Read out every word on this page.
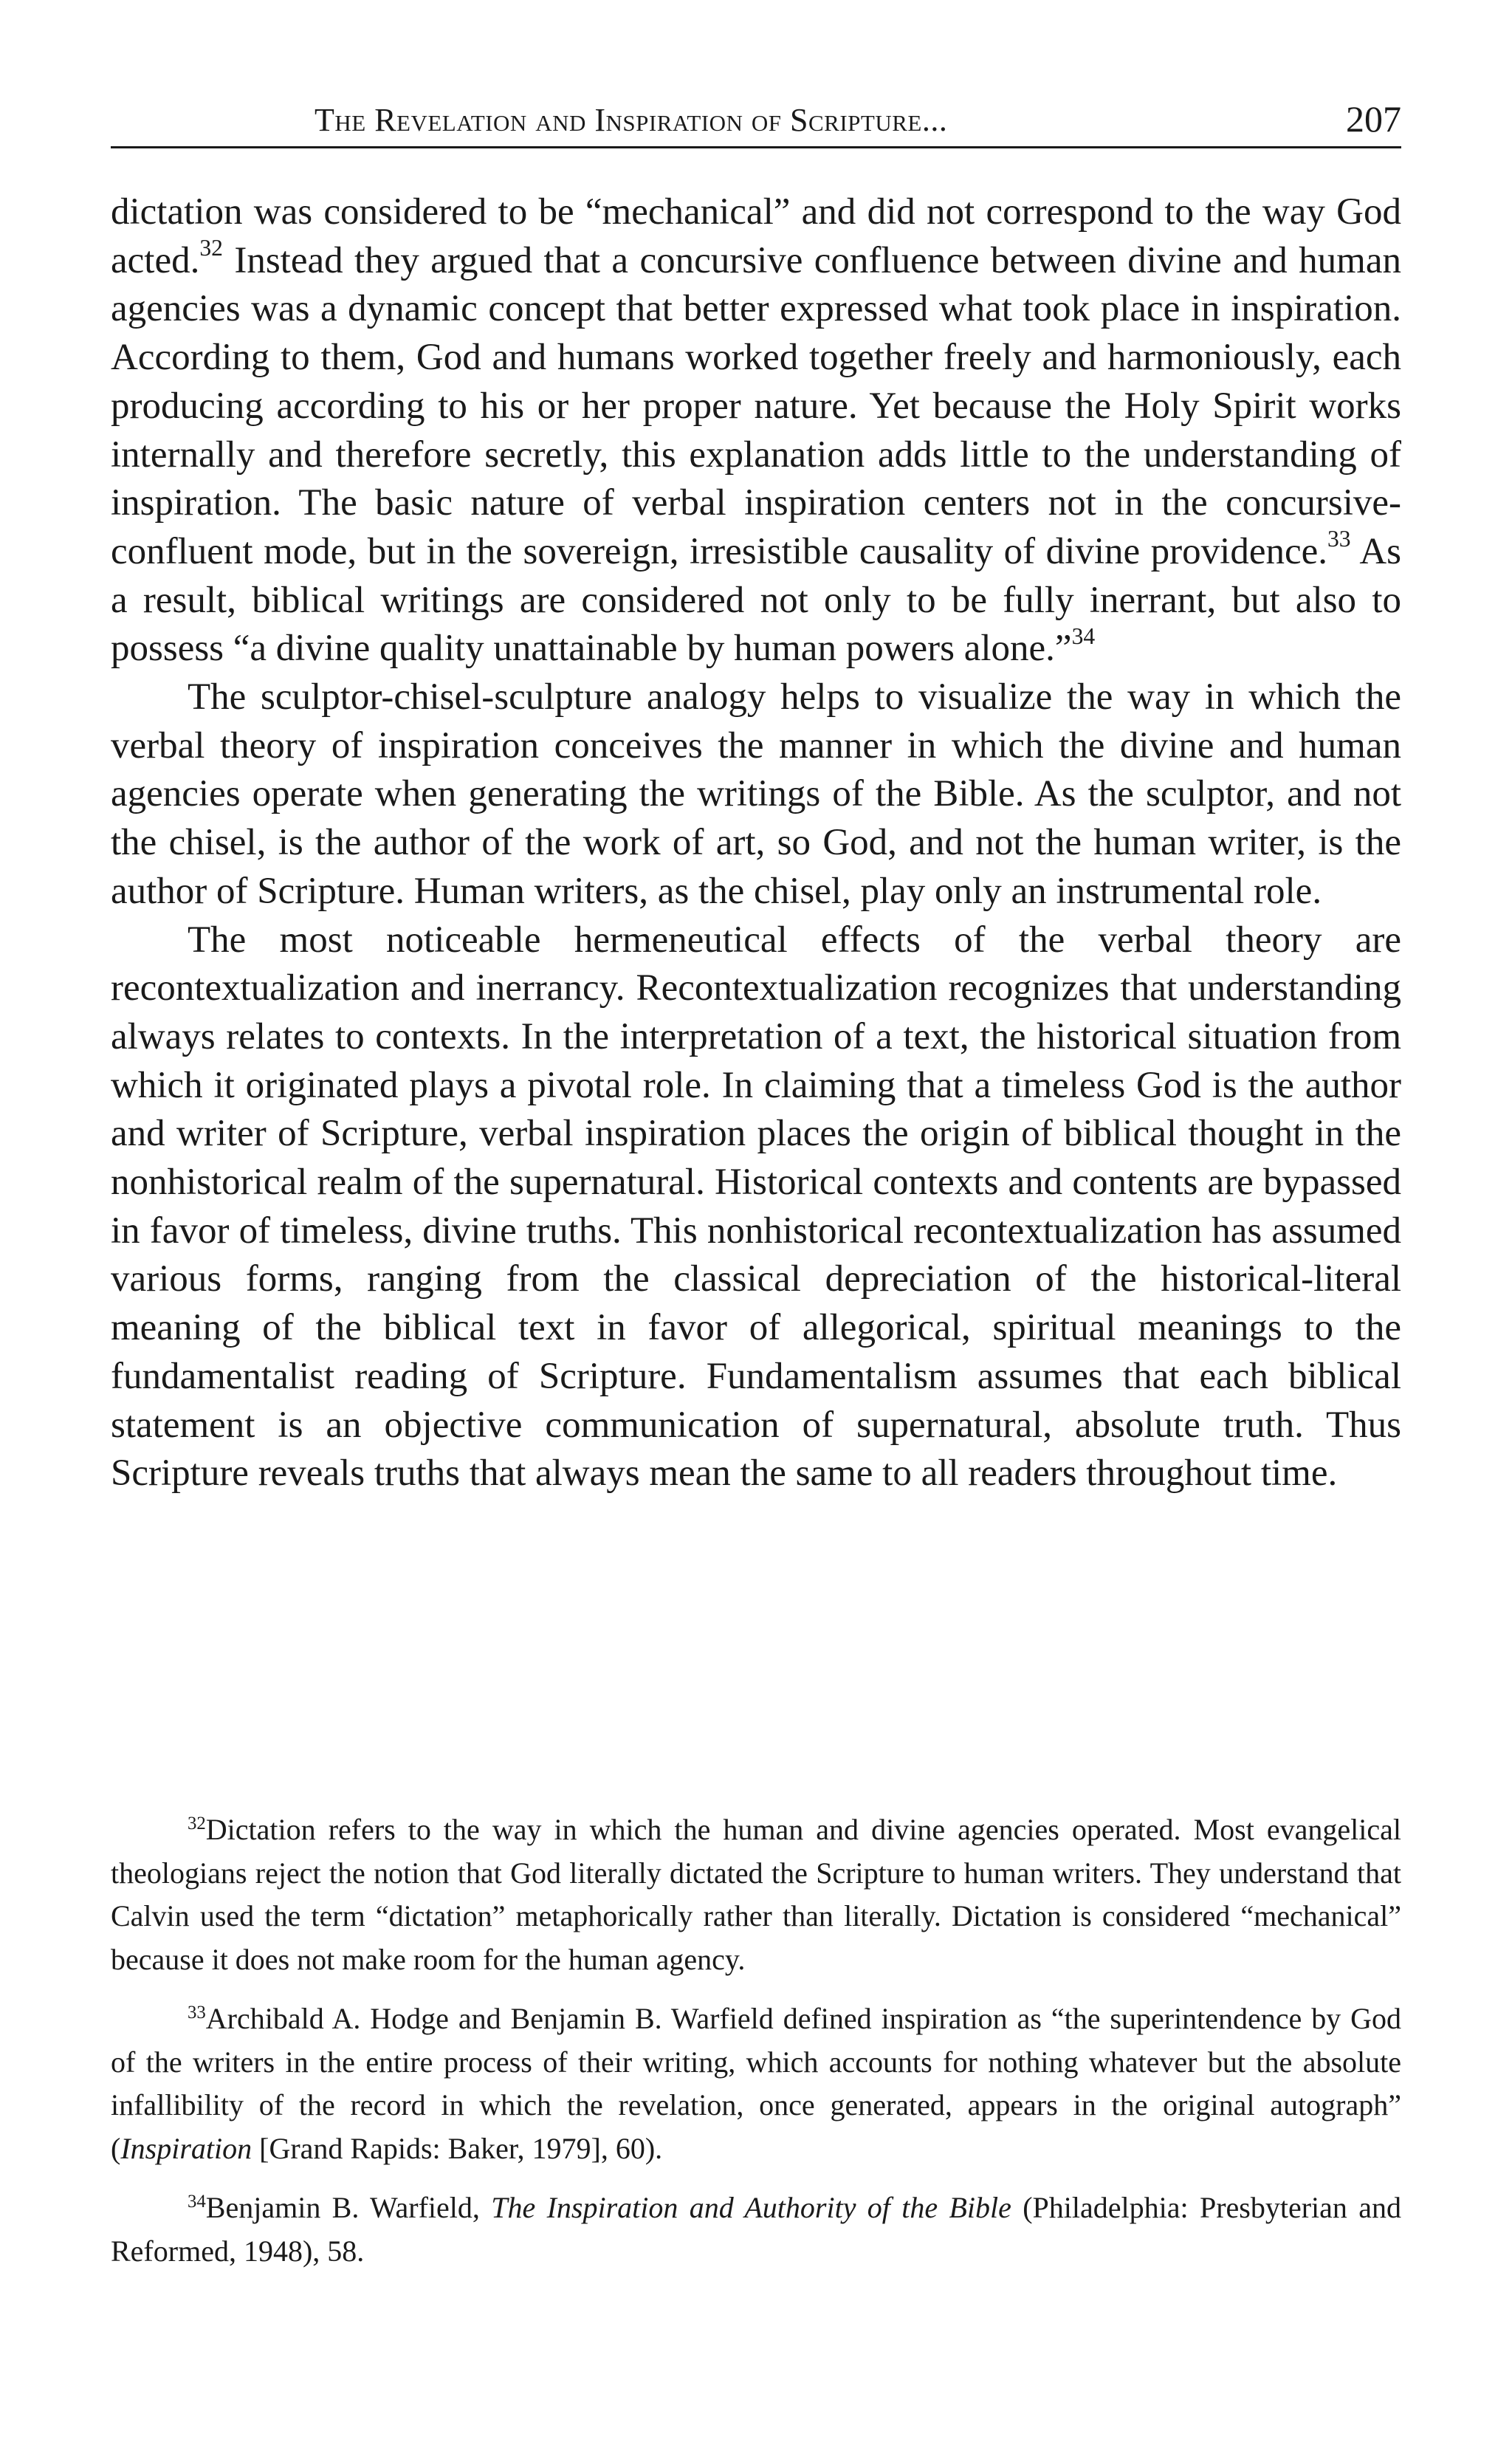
The Revelation and Inspiration of Scripture...	207

dictation was considered to be “mechanical” and did not correspond to the way God acted.$^{32}$ Instead they argued that a concursive confluence between divine and human agencies was a dynamic concept that better expressed what took place in inspiration. According to them, God and humans worked together freely and harmoniously, each producing according to his or her proper nature. Yet because the Holy Spirit works internally and therefore secretly, this explanation adds little to the understanding of inspiration. The basic nature of verbal inspiration centers not in the concursive-confluent mode, but in the sovereign, irresistible causality of divine providence.$^{33}$ As a result, biblical writings are considered not only to be fully inerrant, but also to possess “a divine quality unattainable by human powers alone.”$^{34}$

The sculptor-chisel-sculpture analogy helps to visualize the way in which the verbal theory of inspiration conceives the manner in which the divine and human agencies operate when generating the writings of the Bible. As the sculptor, and not the chisel, is the author of the work of art, so God, and not the human writer, is the author of Scripture. Human writers, as the chisel, play only an instrumental role.

The most noticeable hermeneutical effects of the verbal theory are recontextualization and inerrancy. Recontextualization recognizes that understanding always relates to contexts. In the interpretation of a text, the historical situation from which it originated plays a pivotal role. In claiming that a timeless God is the author and writer of Scripture, verbal inspiration places the origin of biblical thought in the nonhistorical realm of the supernatural. Historical contexts and contents are bypassed in favor of timeless, divine truths. This nonhistorical recontextualization has assumed various forms, ranging from the classical depreciation of the historical-literal meaning of the biblical text in favor of allegorical, spiritual meanings to the fundamentalist reading of Scripture. Fundamentalism assumes that each biblical statement is an objective communication of supernatural, absolute truth. Thus Scripture reveals truths that always mean the same to all readers throughout time.

$^{32}$Dictation refers to the way in which the human and divine agencies operated. Most evangelical theologians reject the notion that God literally dictated the Scripture to human writers. They understand that Calvin used the term “dictation” metaphorically rather than literally. Dictation is considered “mechanical” because it does not make room for the human agency.

$^{33}$Archibald A. Hodge and Benjamin B. Warfield defined inspiration as “the superintendence by God of the writers in the entire process of their writing, which accounts for nothing whatever but the absolute infallibility of the record in which the revelation, once generated, appears in the original autograph” (Inspiration [Grand Rapids: Baker, 1979], 60).

$^{34}$Benjamin B. Warfield, The Inspiration and Authority of the Bible (Philadelphia: Presbyterian and Reformed, 1948), 58.
